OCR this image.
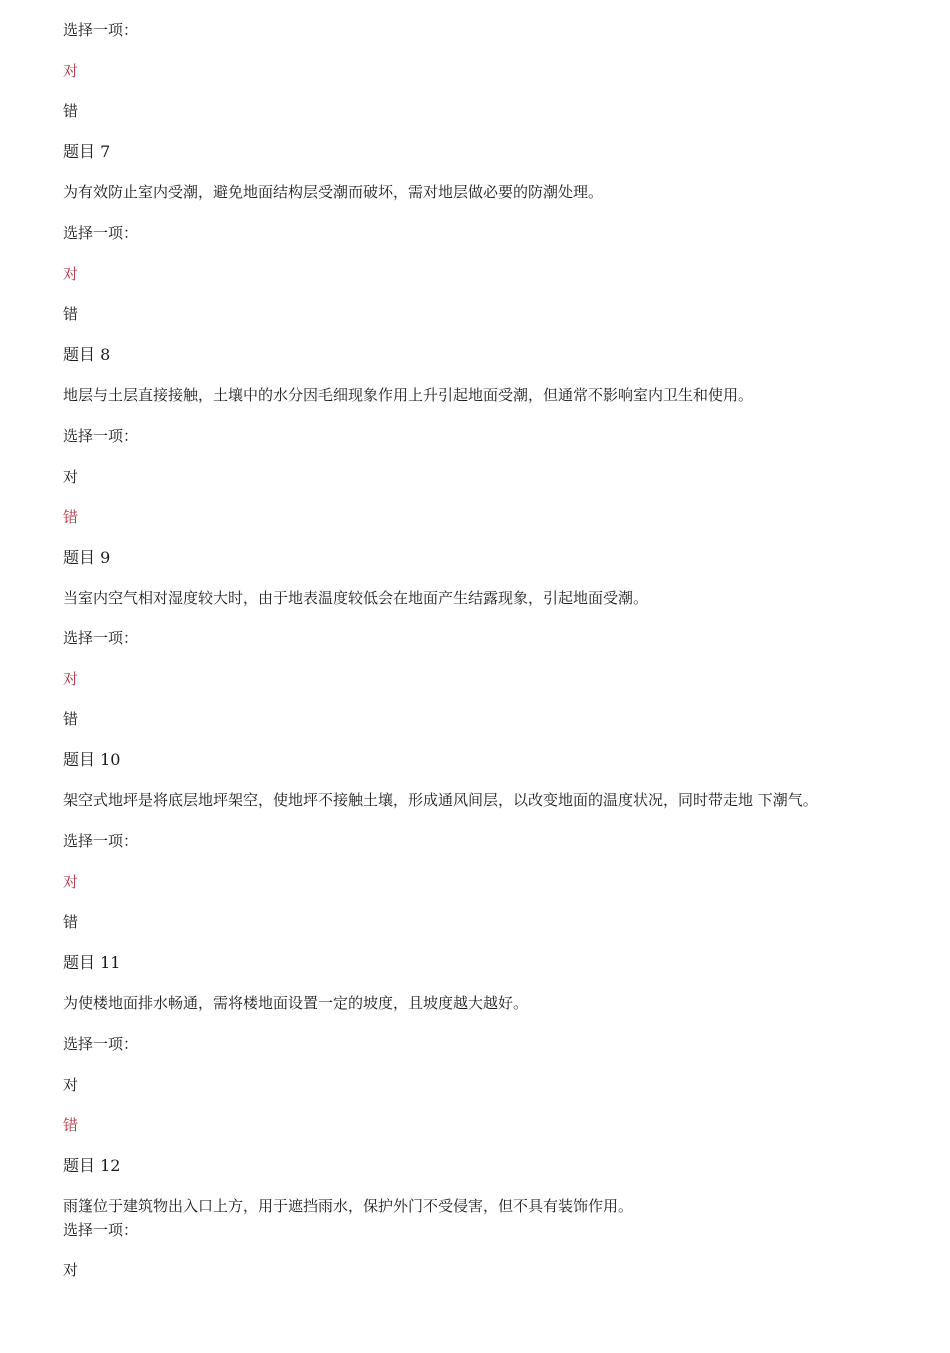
选择一项：
对
错
题目 7
为有效防止室内受潮，避免地面结构层受潮而破坏，需对地层做必要的防潮处理。
选择一项：
对
错
题目 8
地层与土层直接接触，土壤中的水分因毛细现象作用上升引起地面受潮，但通常不影响室内卫生和使用。
选择一项：
对
错
题目 9
当室内空气相对湿度较大时，由于地表温度较低会在地面产生结露现象，引起地面受潮。
选择一项：
对
错
题目 10
架空式地坪是将底层地坪架空，使地坪不接触土壤，形成通风间层，以改变地面的温度状况，同时带走地 下潮气。
选择一项：
对
错
题目 11
为使楼地面排水畅通，需将楼地面设置一定的坡度，且坡度越大越好。
选择一项：
对
错
题目 12
雨篷位于建筑物出入口上方，用于遮挡雨水，保护外门不受侵害，但不具有装饰作用。
选择一项：
对
